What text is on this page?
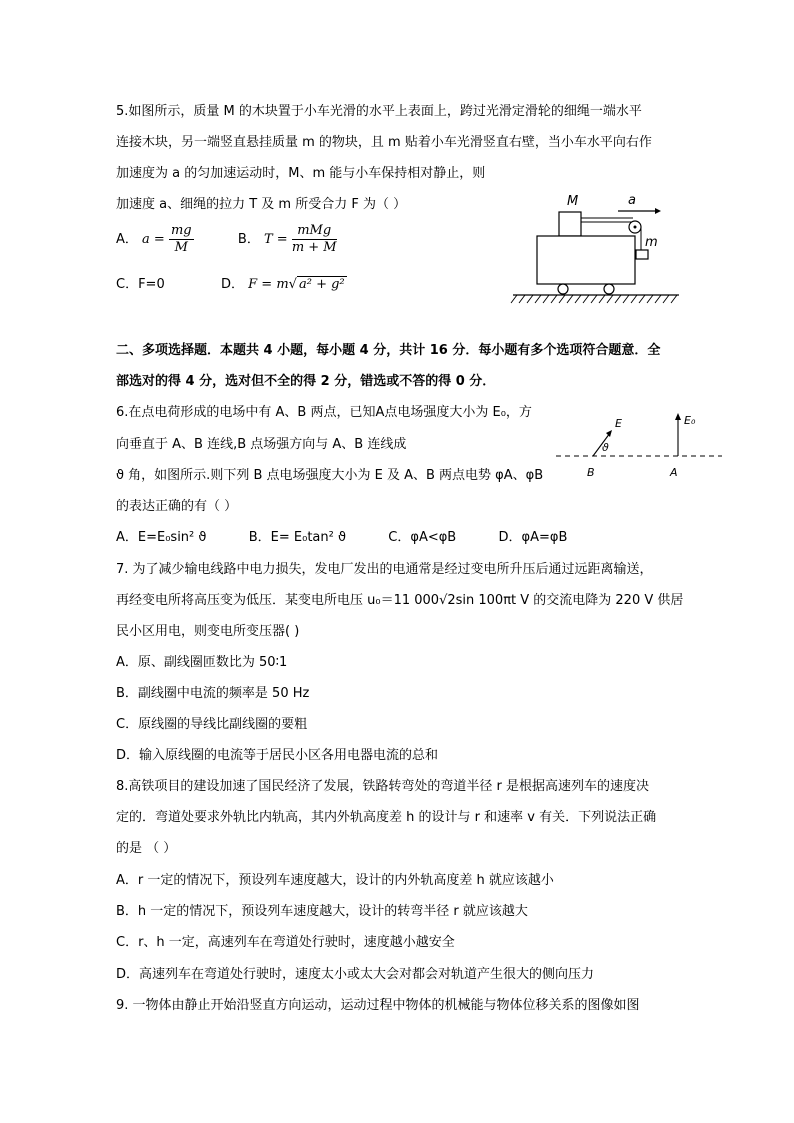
5.如图所示，质量 M 的木块置于小车光滑的水平上表面上，跨过光滑定滑轮的细绳一端水平
连接木块，另一端竖直悬挂质量 m 的物块，且 m 贴着小车光滑竖直右壁，当小车水平向右作
加速度为 a 的匀加速运动时，M、m 能与小车保持相对静止，则
加速度 a、细绳的拉力 T 及 m 所受合力 F 为（ ）
A． $a = \frac{mg}{M}$	B． $T = \frac{\text{mMg}}{m + M}$
C．F=0	D． F = m√ a² + g²
M	a
m
二、多项选择题．本题共 4 小题，每小题 4 分，共计 16 分．每小题有多个选项符合题意．全
部选对的得 4 分，选对但不全的得 2 分，错选或不答的得 0 分．
6.在点电荷形成的电场中有 A、B 两点，已知A点电场强度大小为 E₀，方
向垂直于 A、B 连线,B 点场强方向与 A、B 连线成
ϑ 角，如图所示.则下列 B 点电场强度大小为 E 及 A、B 两点电势 φA、φB
的表达正确的有（ ）
A．E=E₀sin² ϑ	B．E= E₀tan² ϑ	C．φA<φB	D．φA=φB
E
ϑ
E₀
B	A
7. 为了减少输电线路中电力损失，发电厂发出的电通常是经过变电所升压后通过远距离输送，
再经变电所将高压变为低压．某变电所电压 u₀＝11 000√2sin 100πt V 的交流电降为 220 V 供居
民小区用电，则变电所变压器( )
A．原、副线圈匝数比为 50∶1
B．副线圈中电流的频率是 50 Hz
C．原线圈的导线比副线圈的要粗
D．输入原线圈的电流等于居民小区各用电器电流的总和
8.高铁项目的建设加速了国民经济了发展，铁路转弯处的弯道半径 r 是根据高速列车的速度决
定的．弯道处要求外轨比内轨高，其内外轨高度差 h 的设计与 r 和速率 v 有关．下列说法正确
的是 （ ）
A．r 一定的情况下，预设列车速度越大，设计的内外轨高度差 h 就应该越小
B．h 一定的情况下，预设列车速度越大，设计的转弯半径 r 就应该越大
C．r、h 一定，高速列车在弯道处行驶时，速度越小越安全
D．高速列车在弯道处行驶时，速度太小或太大会对都会对轨道产生很大的侧向压力
9. 一物体由静止开始沿竖直方向运动，运动过程中物体的机械能与物体位移关系的图像如图
